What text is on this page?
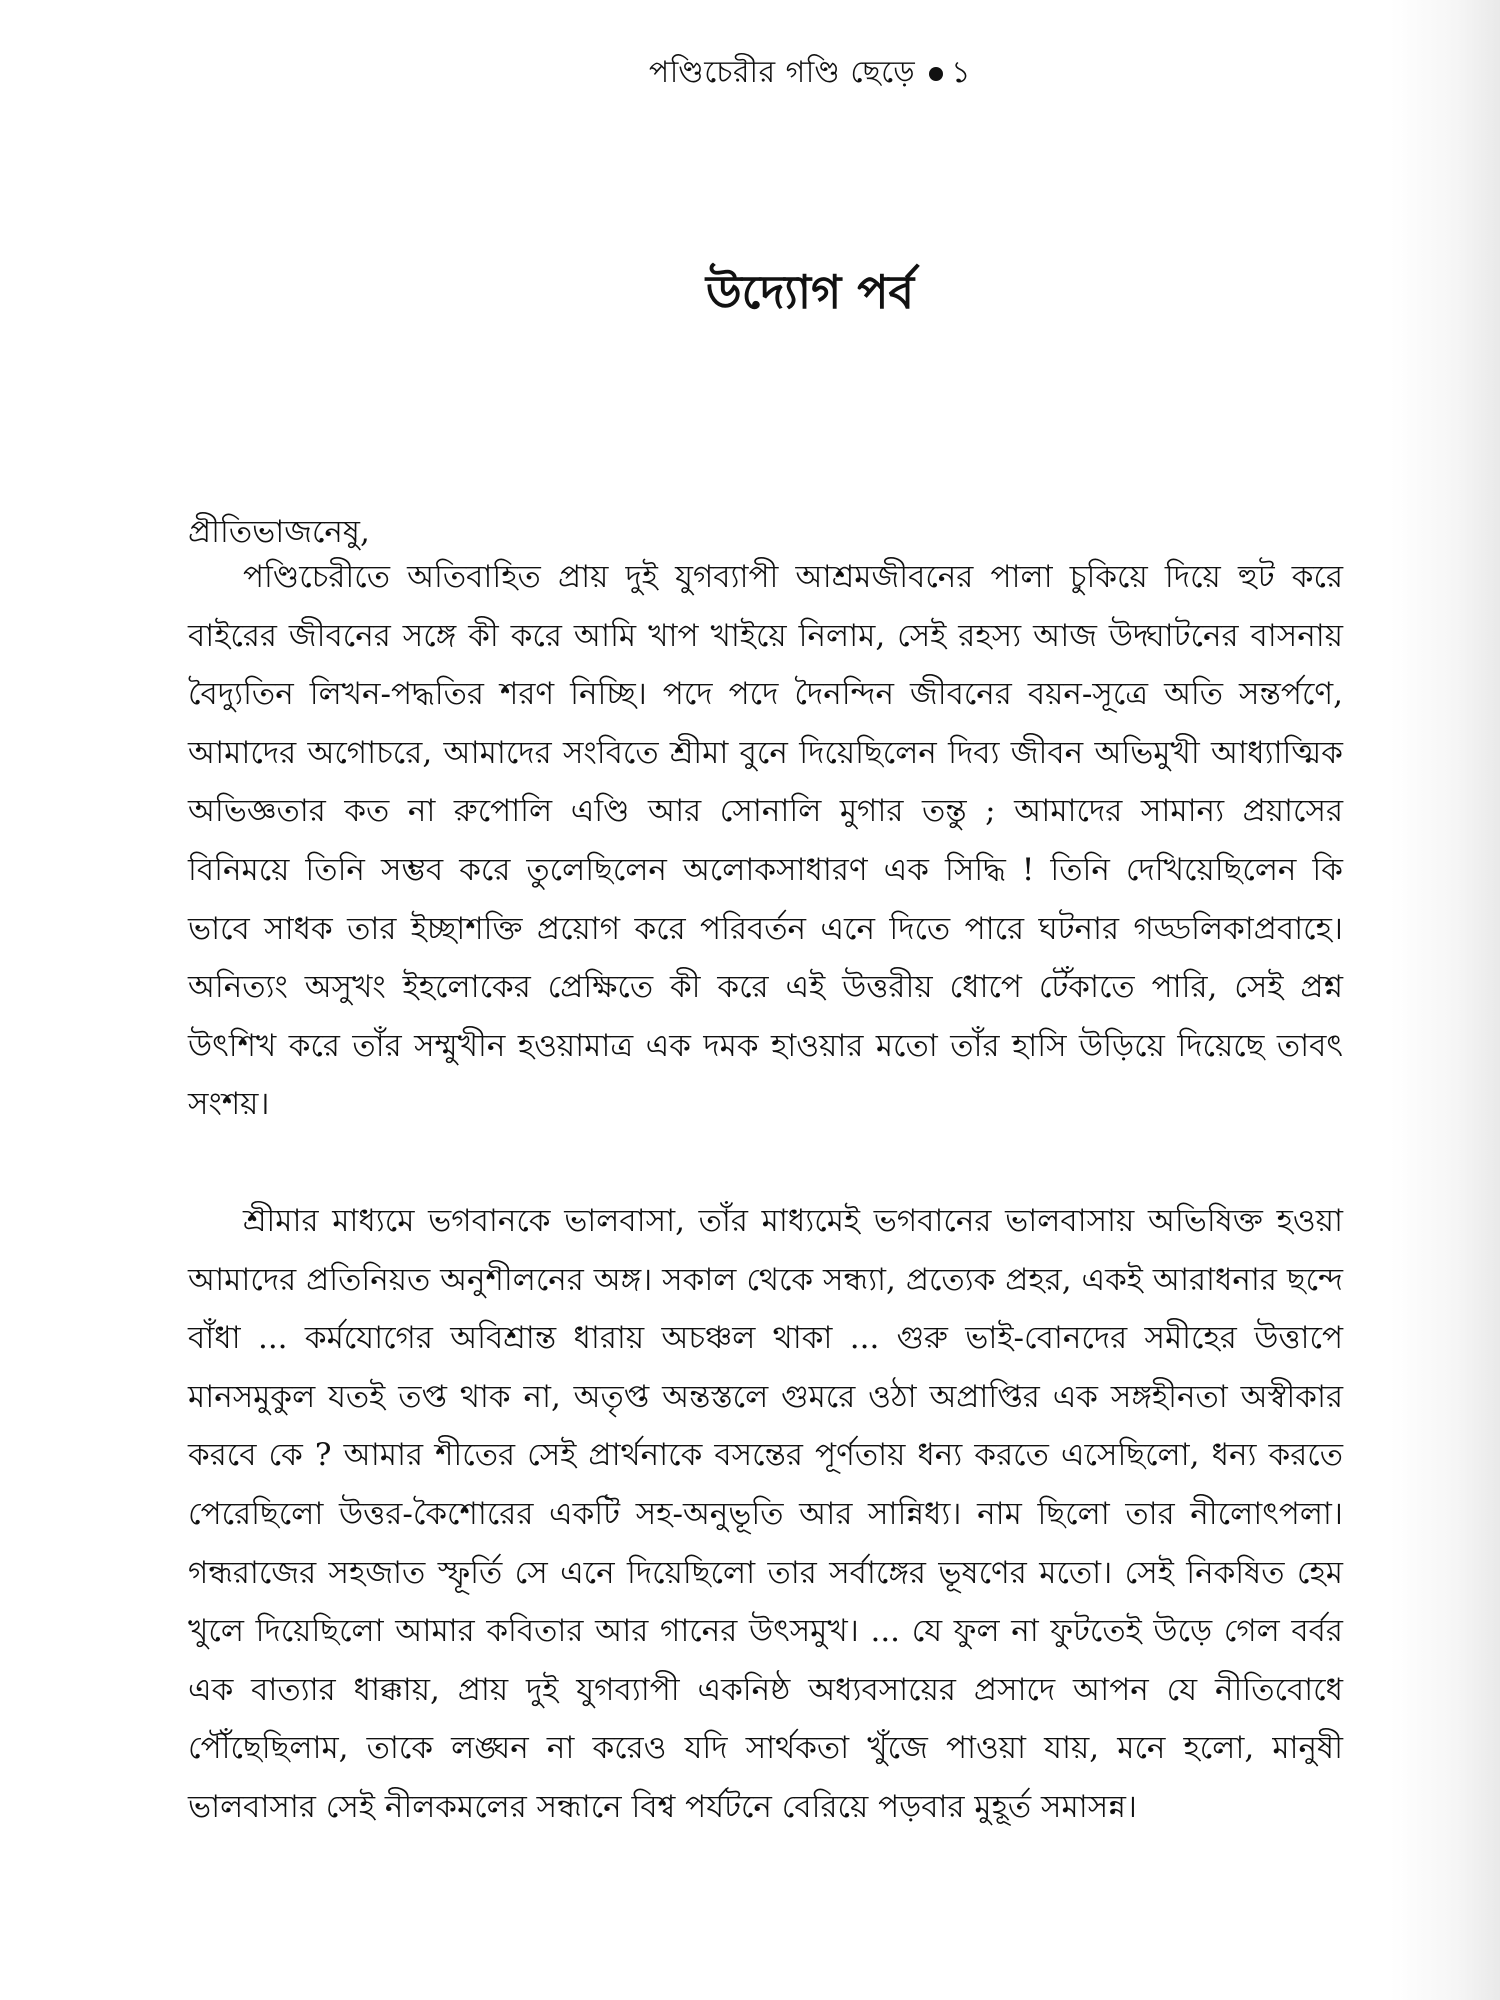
পণ্ডিচেরীর গণ্ডি ছেড়ে ১
উদ্যোগ পর্ব
প্রীতিভাজনেষু,

পণ্ডিচেরীতে অতিবাহিত প্রায় দুই যুগব্যাপী আশ্রমজীবনের পালা চুকিয়ে দিয়ে হুট করে বাইরের জীবনের সঙ্গে কী করে আমি খাপ খাইয়ে নিলাম, সেই রহস্য আজ উদ্ঘাটনের বাসনায় বৈদ্যুতিন লিখন-পদ্ধতির শরণ নিচ্ছি। পদে পদে দৈনন্দিন জীবনের বয়ন-সূত্রে অতি সন্তর্পণে, আমাদের অগোচরে, আমাদের সংবিতে শ্রীমা বুনে দিয়েছিলেন দিব্য জীবন অভিমুখী আধ্যাত্মিক অভিজ্ঞতার কত না রুপোলি এণ্ডি আর সোনালি মুগার তন্তু ; আমাদের সামান্য প্রয়াসের বিনিময়ে তিনি সম্ভব করে তুলেছিলেন অলোকসাধারণ এক সিদ্ধি ! তিনি দেখিয়েছিলেন কি ভাবে সাধক তার ইচ্ছাশক্তি প্রয়োগ করে পরিবর্তন এনে দিতে পারে ঘটনার গড্ডলিকাপ্রবাহে। অনিত্যং অসুখং ইহলোকের প্রেক্ষিতে কী করে এই উত্তরীয় ধোপে টেঁকাতে পারি, সেই প্রশ্ন উৎশিখ করে তাঁর সম্মুখীন হওয়ামাত্র এক দমক হাওয়ার মতো তাঁর হাসি উড়িয়ে দিয়েছে তাবৎ সংশয়।

শ্রীমার মাধ্যমে ভগবানকে ভালবাসা, তাঁর মাধ্যমেই ভগবানের ভালবাসায় অভিষিক্ত হওয়া আমাদের প্রতিনিয়ত অনুশীলনের অঙ্গ। সকাল থেকে সন্ধ্যা, প্রত্যেক প্রহর, একই আরাধনার ছন্দে বাঁধা ... কর্মযোগের অবিশ্রান্ত ধারায় অচঞ্চল থাকা ... গুরু ভাই-বোনদের সমীহের উত্তাপে মানসমুকুল যতই তপ্ত থাক না, অতৃপ্ত অন্তস্তলে গুমরে ওঠা অপ্রাপ্তির এক সঙ্গহীনতা অস্বীকার করবে কে ? আমার শীতের সেই প্রার্থনাকে বসন্তের পূর্ণতায় ধন্য করতে এসেছিলো, ধন্য করতে পেরেছিলো উত্তর-কৈশোরের একটি সহ-অনুভূতি আর সান্নিধ্য। নাম ছিলো তার নীলোৎপলা। গন্ধরাজের সহজাত স্ফূর্তি সে এনে দিয়েছিলো তার সর্বাঙ্গের ভূষণের মতো। সেই নিকষিত হেম খুলে দিয়েছিলো আমার কবিতার আর গানের উৎসমুখ। ... যে ফুল না ফুটতেই উড়ে গেল বর্বর এক বাত্যার ধাক্কায়, প্রায় দুই যুগব্যাপী একনিষ্ঠ অধ্যবসায়ের প্রসাদে আপন যে নীতিবোধে পৌঁছেছিলাম, তাকে লঙ্ঘন না করেও যদি সার্থকতা খুঁজে পাওয়া যায়, মনে হলো, মানুষী ভালবাসার সেই নীলকমলের সন্ধানে বিশ্ব পর্যটনে বেরিয়ে পড়বার মুহূর্ত সমাসন্ন।
